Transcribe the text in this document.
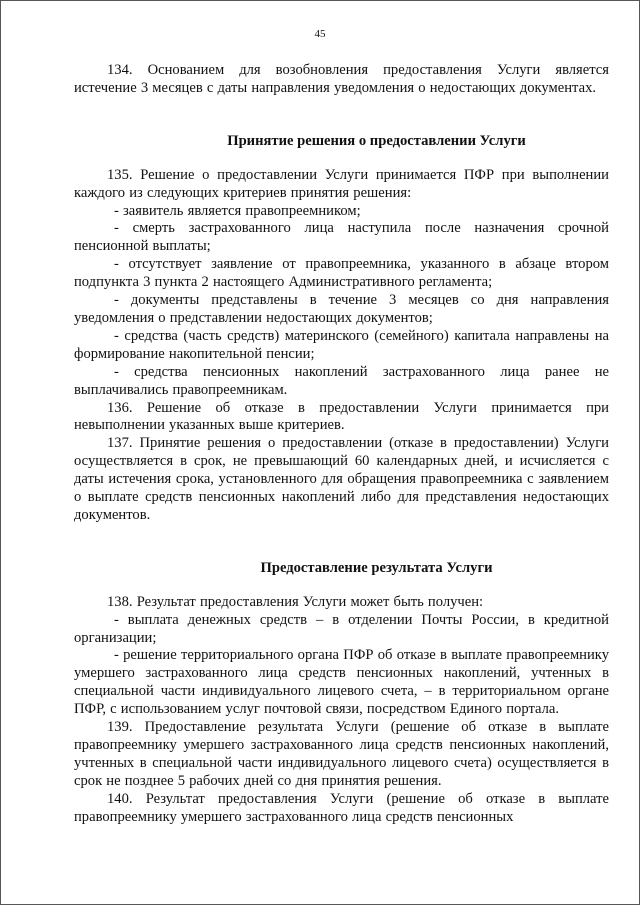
45

134. Основанием для возобновления предоставления Услуги является истечение 3 месяцев с даты направления уведомления о недостающих документах.

Принятие решения о предоставлении Услуги

135. Решение о предоставлении Услуги принимается ПФР при выполнении каждого из следующих критериев принятия решения:

- заявитель является правопреемником;

- смерть застрахованного лица наступила после назначения срочной пенсионной выплаты;

- отсутствует заявление от правопреемника, указанного в абзаце втором подпункта 3 пункта 2 настоящего Административного регламента;

- документы представлены в течение 3 месяцев со дня направления уведомления о представлении недостающих документов;

- средства (часть средств) материнского (семейного) капитала направлены на формирование накопительной пенсии;

- средства пенсионных накоплений застрахованного лица ранее не выплачивались правопреемникам.

136. Решение об отказе в предоставлении Услуги принимается при невыполнении указанных выше критериев.

137. Принятие решения о предоставлении (отказе в предоставлении) Услуги осуществляется в срок, не превышающий 60 календарных дней, и исчисляется с даты истечения срока, установленного для обращения правопреемника с заявлением о выплате средств пенсионных накоплений либо для представления недостающих документов.

Предоставление результата Услуги

138. Результат предоставления Услуги может быть получен:

- выплата денежных средств – в отделении Почты России, в кредитной организации;

- решение территориального органа ПФР об отказе в выплате правопреемнику умершего застрахованного лица средств пенсионных накоплений, учтенных в специальной части индивидуального лицевого счета, – в территориальном органе ПФР, с использованием услуг почтовой связи, посредством Единого портала.

139. Предоставление результата Услуги (решение об отказе в выплате правопреемнику умершего застрахованного лица средств пенсионных накоплений, учтенных в специальной части индивидуального лицевого счета) осуществляется в срок не позднее 5 рабочих дней со дня принятия решения.

140. Результат предоставления Услуги (решение об отказе в выплате правопреемнику умершего застрахованного лица средств пенсионных
